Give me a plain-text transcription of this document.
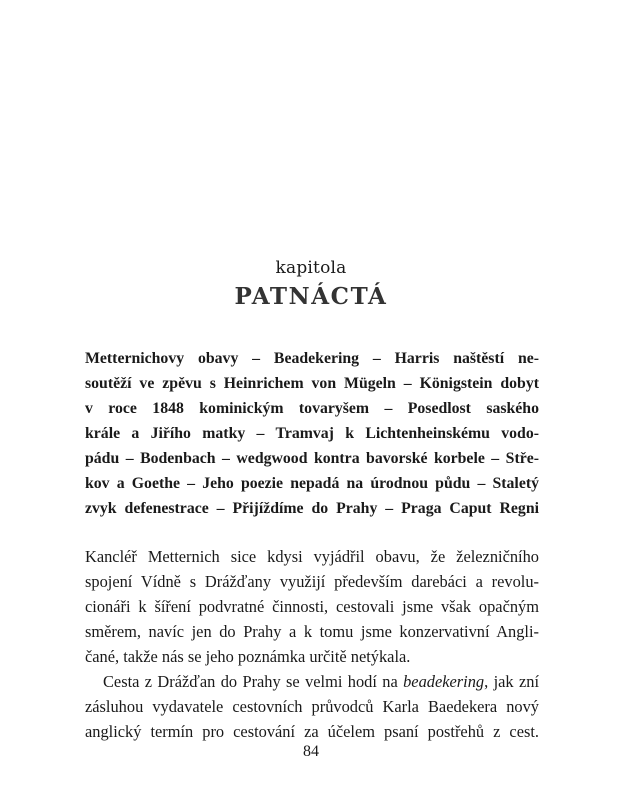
kapitola
PATNÁCTÁ

Metternichovy obavy – Beadekering – Harris naštěstí ne-
soutěží ve zpěvu s Heinrichem von Mügeln – Königstein dobyt
v roce 1848 kominickým tovaryšem – Posedlost saského
krále a Jiřího matky – Tramvaj k Lichtenheinskému vodo-
pádu – Bodenbach – wedgwood kontra bavorské korbele – Stře-
kov a Goethe – Jeho poezie nepadá na úrodnou půdu – Staletý
zvyk defenestrace – Přijíždíme do Prahy – Praga Caput Regni

Kancléř Metternich sice kdysi vyjádřil obavu, že železničního
spojení Vídně s Drážďany využijí především darebáci a revolu-
cionáři k šíření podvratné činnosti, cestovali jsme však opačným
směrem, navíc jen do Prahy a k tomu jsme konzervativní Angli-
čané, takže nás se jeho poznámka určitě netýkala.
Cesta z Drážďan do Prahy se velmi hodí na beadekering, jak zní
zásluhou vydavatele cestovních průvodců Karla Baedekera nový
anglický termín pro cestování za účelem psaní postřehů z cest.
84
